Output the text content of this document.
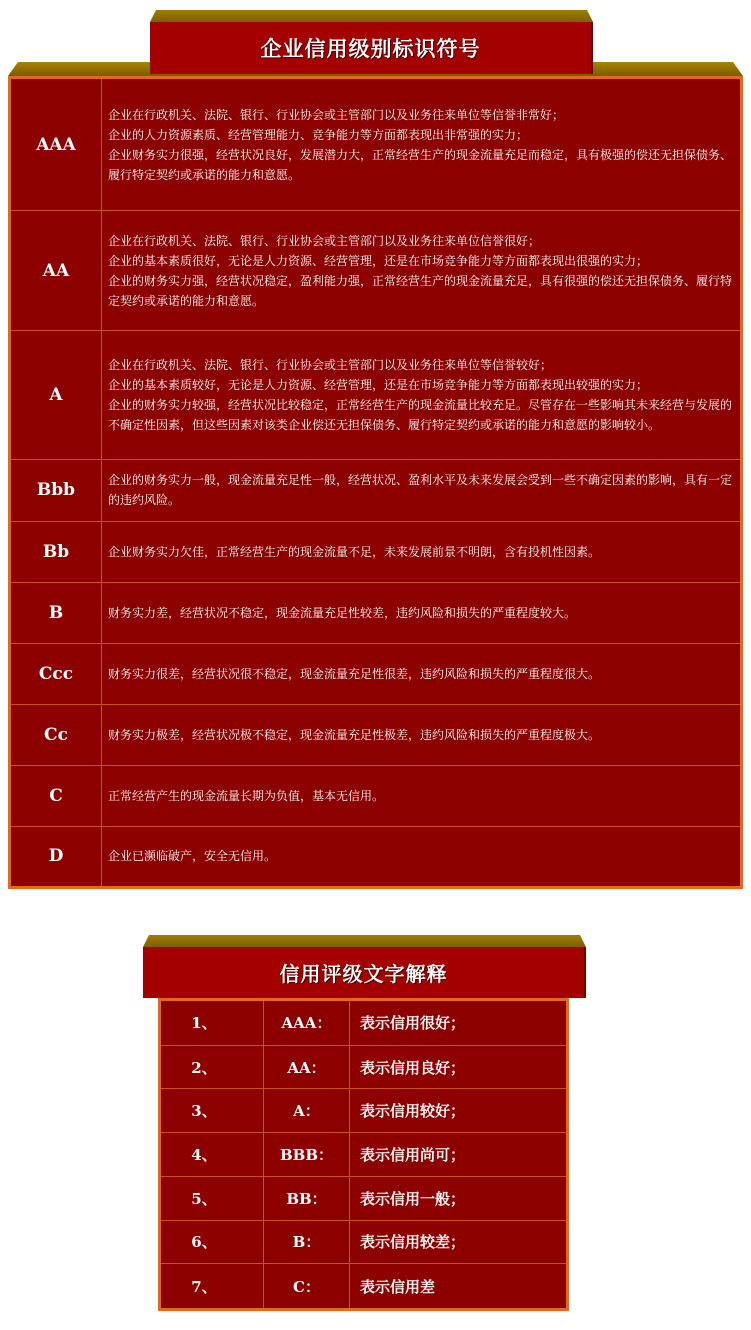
企业信用级别标识符号
AAA	企业在行政机关、法院、银行、行业协会或主管部门以及业务往来单位等信誉非常好；
企业的人力资源素质、经营管理能力、竞争能力等方面都表现出非常强的实力；
企业财务实力很强，经营状况良好，发展潜力大，正常经营生产的现金流量充足而稳定，具有极强的偿还无担保债务、履行特定契约或承诺的能力和意愿。
AA	企业在行政机关、法院、银行、行业协会或主管部门以及业务往来单位信誉很好；
企业的基本素质很好，无论是人力资源、经营管理，还是在市场竞争能力等方面都表现出很强的实力；
企业的财务实力强，经营状况稳定，盈利能力强，正常经营生产的现金流量充足，具有很强的偿还无担保债务、履行特定契约或承诺的能力和意愿。
A	企业在行政机关、法院、银行、行业协会或主管部门以及业务往来单位等信誉较好；
企业的基本素质较好，无论是人力资源、经营管理，还是在市场竞争能力等方面都表现出较强的实力；
企业的财务实力较强，经营状况比较稳定，正常经营生产的现金流量比较充足。尽管存在一些影响其未来经营与发展的不确定性因素，但这些因素对该类企业偿还无担保债务、履行特定契约或承诺的能力和意愿的影响较小。
Bbb	企业的财务实力一般，现金流量充足性一般，经营状况、盈利水平及未来发展会受到一些不确定因素的影响，具有一定的违约风险。
Bb	企业财务实力欠佳，正常经营生产的现金流量不足，未来发展前景不明朗，含有投机性因素。
B	财务实力差，经营状况不稳定，现金流量充足性较差，违约风险和损失的严重程度较大。
Ccc	财务实力很差，经营状况很不稳定，现金流量充足性很差，违约风险和损失的严重程度很大。
Cc	财务实力极差，经营状况极不稳定，现金流量充足性极差，违约风险和损失的严重程度极大。
C	正常经营产生的现金流量长期为负值，基本无信用。
D	企业已濒临破产，安全无信用。
信用评级文字解释
1、	AAA：	表示信用很好；
2、	AA：	表示信用良好；
3、	A：	表示信用较好；
4、	BBB：	表示信用尚可；
5、	BB：	表示信用一般；
6、	B：	表示信用较差；
7、	C：	表示信用差
